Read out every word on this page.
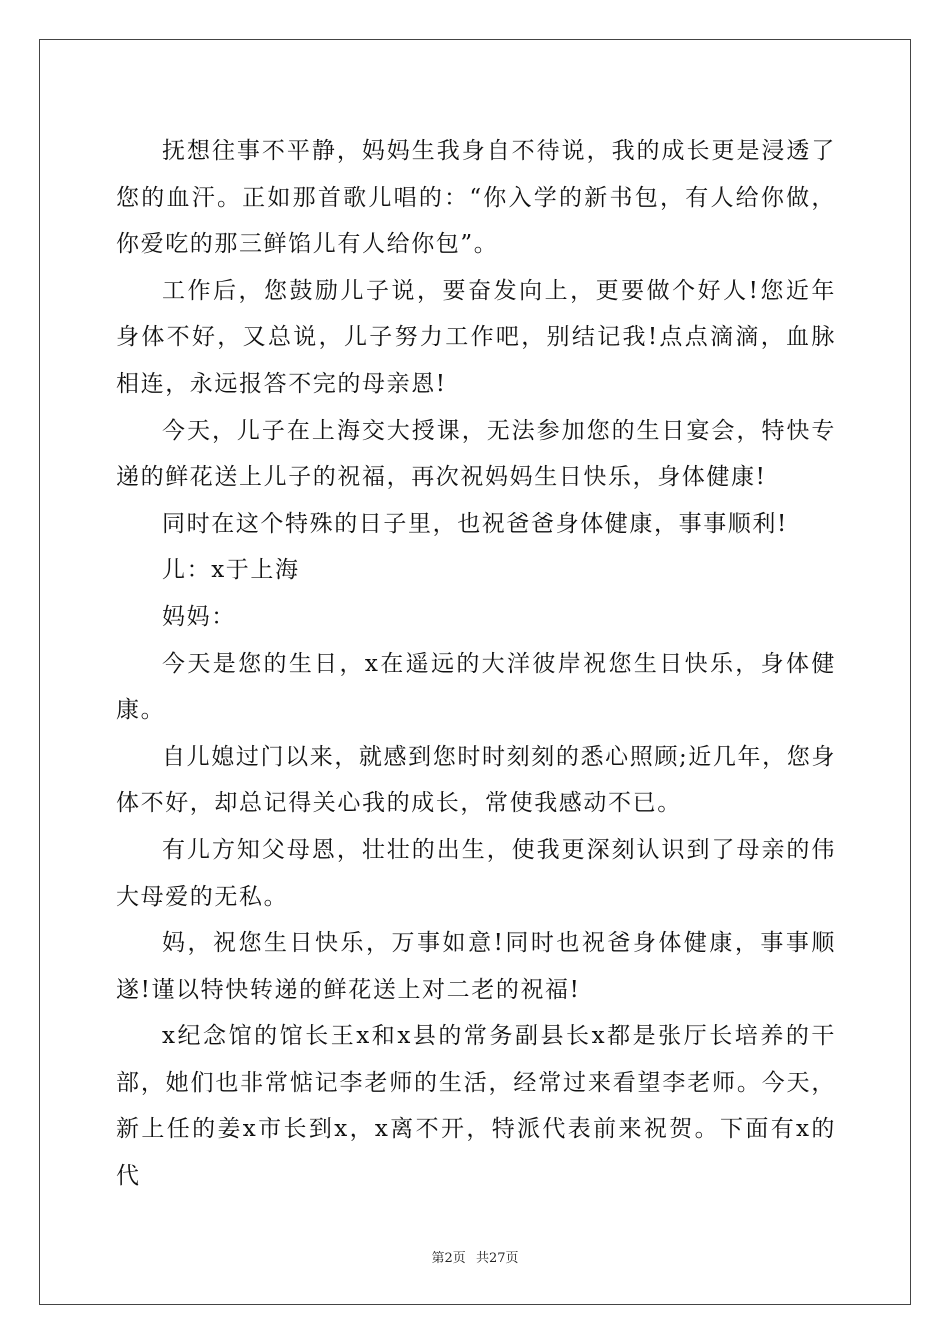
抚想往事不平静，妈妈生我身自不待说，我的成长更是浸透了您的血汗。正如那首歌儿唱的：“你入学的新书包，有人给你做，你爱吃的那三鲜馅儿有人给你包”。

工作后，您鼓励儿子说，要奋发向上，更要做个好人!您近年身体不好，又总说，儿子努力工作吧，别结记我!点点滴滴，血脉相连，永远报答不完的母亲恩!

今天，儿子在上海交大授课，无法参加您的生日宴会，特快专递的鲜花送上儿子的祝福，再次祝妈妈生日快乐，身体健康!

同时在这个特殊的日子里，也祝爸爸身体健康，事事顺利!

儿：x于上海

妈妈：

今天是您的生日，x在遥远的大洋彼岸祝您生日快乐，身体健康。

自儿媳过门以来，就感到您时时刻刻的悉心照顾;近几年，您身体不好，却总记得关心我的成长，常使我感动不已。

有儿方知父母恩，壮壮的出生，使我更深刻认识到了母亲的伟大母爱的无私。

妈，祝您生日快乐，万事如意!同时也祝爸身体健康，事事顺遂!谨以特快转递的鲜花送上对二老的祝福!

x纪念馆的馆长王x和x县的常务副县长x都是张厅长培养的干部，她们也非常惦记李老师的生活，经常过来看望李老师。今天，新上任的姜x市长到x，x离不开，特派代表前来祝贺。下面有x的代

第2页 共27页
